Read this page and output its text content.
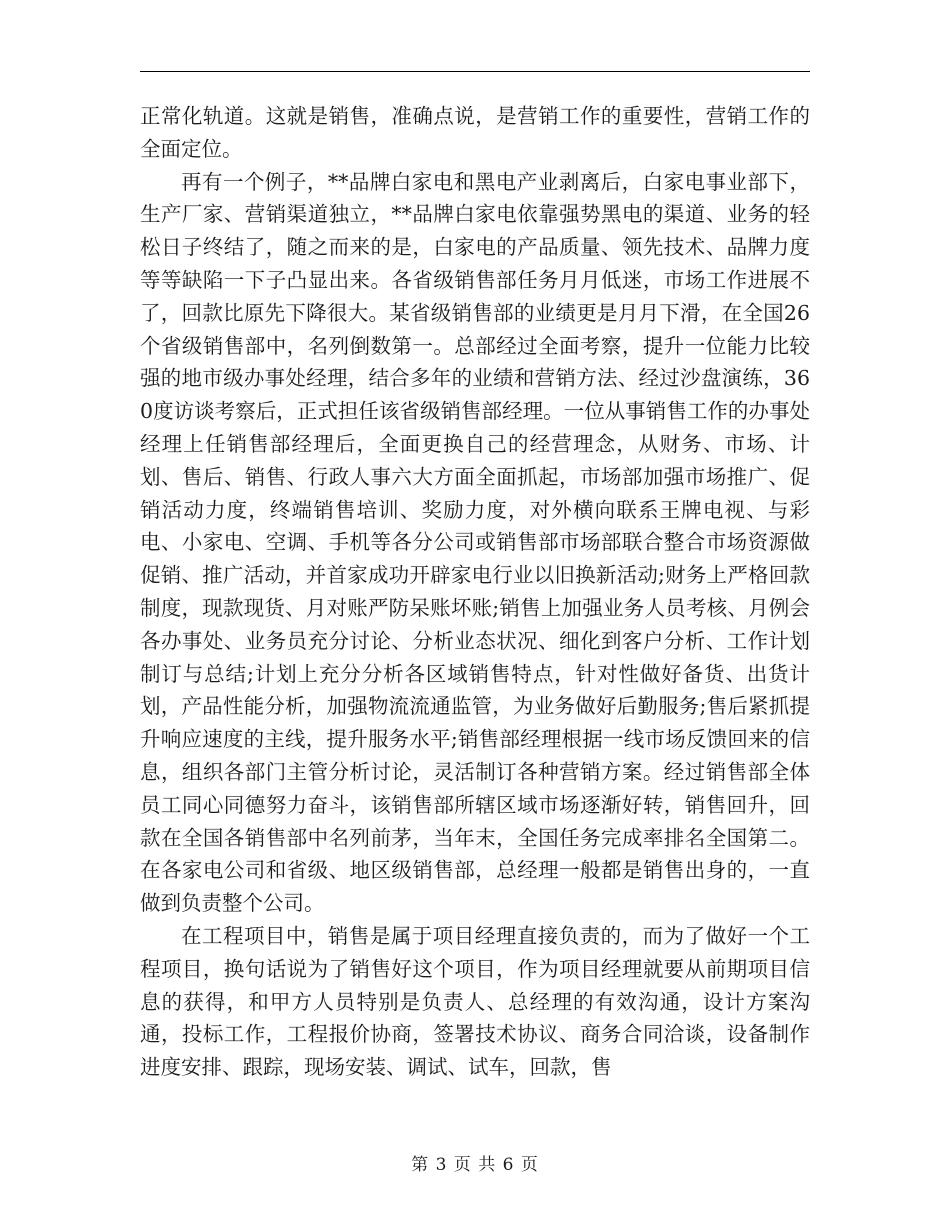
正常化轨道。这就是销售，准确点说，是营销工作的重要性，营销工作的全面定位。

再有一个例子，**品牌白家电和黑电产业剥离后，白家电事业部下，生产厂家、营销渠道独立，**品牌白家电依靠强势黑电的渠道、业务的轻松日子终结了，随之而来的是，白家电的产品质量、领先技术、品牌力度等等缺陷一下子凸显出来。各省级销售部任务月月低迷，市场工作进展不了，回款比原先下降很大。某省级销售部的业绩更是月月下滑，在全国26个省级销售部中，名列倒数第一。总部经过全面考察，提升一位能力比较强的地市级办事处经理，结合多年的业绩和营销方法、经过沙盘演练，360度访谈考察后，正式担任该省级销售部经理。一位从事销售工作的办事处经理上任销售部经理后，全面更换自己的经营理念，从财务、市场、计划、售后、销售、行政人事六大方面全面抓起，市场部加强市场推广、促销活动力度，终端销售培训、奖励力度，对外横向联系王牌电视、与彩电、小家电、空调、手机等各分公司或销售部市场部联合整合市场资源做促销、推广活动，并首家成功开辟家电行业以旧换新活动;财务上严格回款制度，现款现货、月对账严防呆账坏账;销售上加强业务人员考核、月例会各办事处、业务员充分讨论、分析业态状况、细化到客户分析、工作计划制订与总结;计划上充分分析各区域销售特点，针对性做好备货、出货计划，产品性能分析，加强物流流通监管，为业务做好后勤服务;售后紧抓提升响应速度的主线，提升服务水平;销售部经理根据一线市场反馈回来的信息，组织各部门主管分析讨论，灵活制订各种营销方案。经过销售部全体员工同心同德努力奋斗，该销售部所辖区域市场逐渐好转，销售回升，回款在全国各销售部中名列前茅，当年末，全国任务完成率排名全国第二。在各家电公司和省级、地区级销售部，总经理一般都是销售出身的，一直做到负责整个公司。

在工程项目中，销售是属于项目经理直接负责的，而为了做好一个工程项目，换句话说为了销售好这个项目，作为项目经理就要从前期项目信息的获得，和甲方人员特别是负责人、总经理的有效沟通，设计方案沟通，投标工作，工程报价协商，签署技术协议、商务合同洽谈，设备制作进度安排、跟踪，现场安装、调试、试车，回款，售

第 3 页 共 6 页
